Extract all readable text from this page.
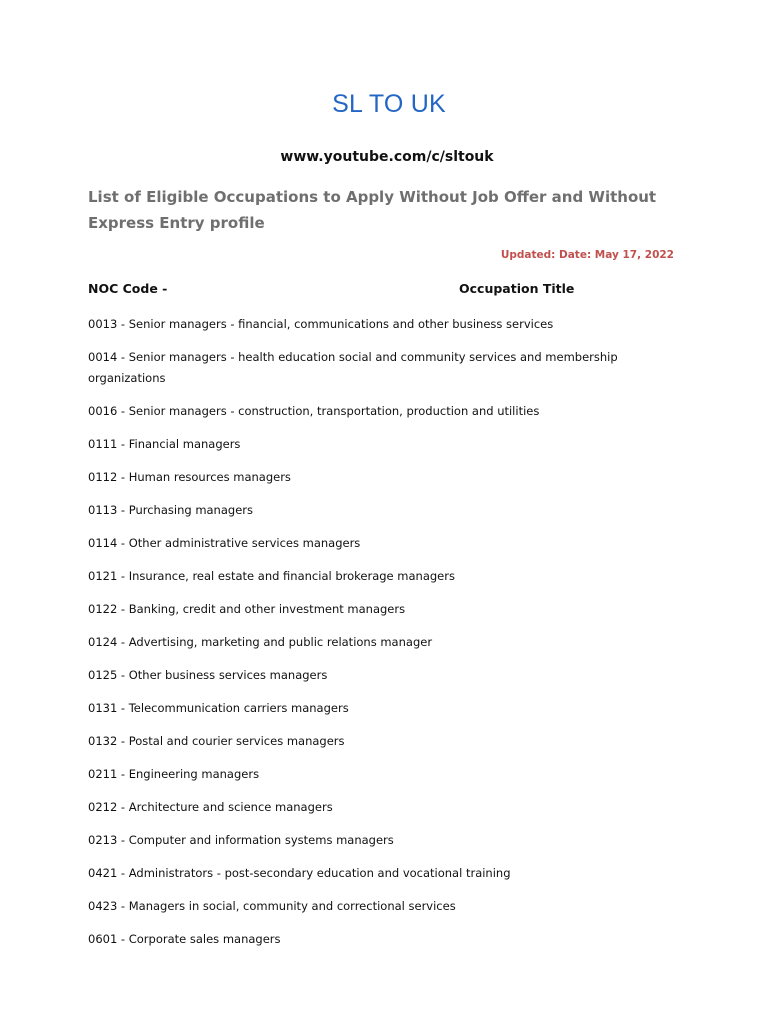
SL TO UK
www.youtube.com/c/sltouk
List of Eligible Occupations to Apply Without Job Offer and Without Express Entry profile
Updated: Date: May 17, 2022
NOC Code -	Occupation Title
0013 - Senior managers - financial, communications and other business services
0014 - Senior managers - health education social and community services and membership organizations
0016 - Senior managers - construction, transportation, production and utilities
0111 - Financial managers
0112 - Human resources managers
0113 - Purchasing managers
0114 - Other administrative services managers
0121 - Insurance, real estate and financial brokerage managers
0122 - Banking, credit and other investment managers
0124 - Advertising, marketing and public relations manager
0125 - Other business services managers
0131 - Telecommunication carriers managers
0132 - Postal and courier services managers
0211 - Engineering managers
0212 - Architecture and science managers
0213 - Computer and information systems managers
0421 - Administrators - post-secondary education and vocational training
0423 - Managers in social, community and correctional services
0601 - Corporate sales managers
